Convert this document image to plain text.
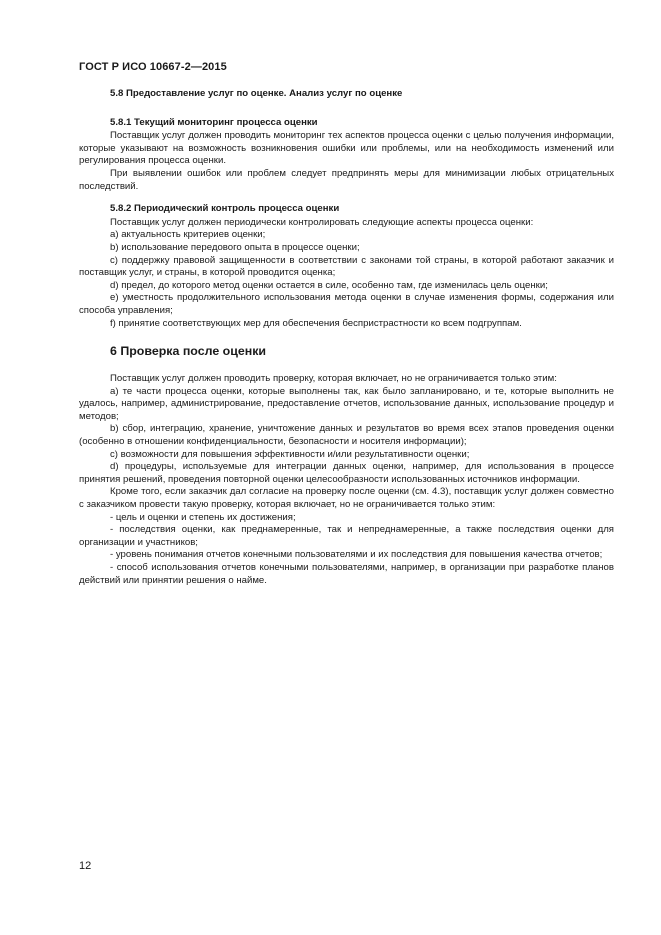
ГОСТ Р ИСО 10667-2—2015

5.8 Предоставление услуг по оценке. Анализ услуг по оценке

5.8.1 Текущий мониторинг процесса оценки

Поставщик услуг должен проводить мониторинг тех аспектов процесса оценки с целью получения информации, которые указывают на возможность возникновения ошибки или проблемы, или на необходимость изменений или регулирования процесса оценки.

При выявлении ошибок или проблем следует предпринять меры для минимизации любых отрицательных последствий.

5.8.2 Периодический контроль процесса оценки

Поставщик услуг должен периодически контролировать следующие аспекты процесса оценки:

a) актуальность критериев оценки;

b) использование передового опыта в процессе оценки;

c) поддержку правовой защищенности в соответствии с законами той страны, в которой работают заказчик и поставщик услуг, и страны, в которой проводится оценка;

d) предел, до которого метод оценки остается в силе, особенно там, где изменилась цель оценки;

e) уместность продолжительного использования метода оценки в случае изменения формы, содержания или способа управления;

f) принятие соответствующих мер для обеспечения беспристрастности ко всем подгруппам.

6 Проверка после оценки

Поставщик услуг должен проводить проверку, которая включает, но не ограничивается только этим:

a) те части процесса оценки, которые выполнены так, как было запланировано, и те, которые выполнить не удалось, например, администрирование, предоставление отчетов, использование данных, использование процедур и методов;

b) сбор, интеграцию, хранение, уничтожение данных и результатов во время всех этапов проведения оценки (особенно в отношении конфиденциальности, безопасности и носителя информации);

c) возможности для повышения эффективности и/или результативности оценки;

d) процедуры, используемые для интеграции данных оценки, например, для использования в процессе принятия решений, проведения повторной оценки целесообразности использованных источников информации.

Кроме того, если заказчик дал согласие на проверку после оценки (см. 4.3), поставщик услуг должен совместно с заказчиком провести такую проверку, которая включает, но не ограничивается только этим:

- цель и оценки и степень их достижения;

- последствия оценки, как преднамеренные, так и непреднамеренные, а также последствия оценки для организации и участников;

- уровень понимания отчетов конечными пользователями и их последствия для повышения качества отчетов;

- способ использования отчетов конечными пользователями, например, в организации при разработке планов действий или принятии решения о найме.

12
